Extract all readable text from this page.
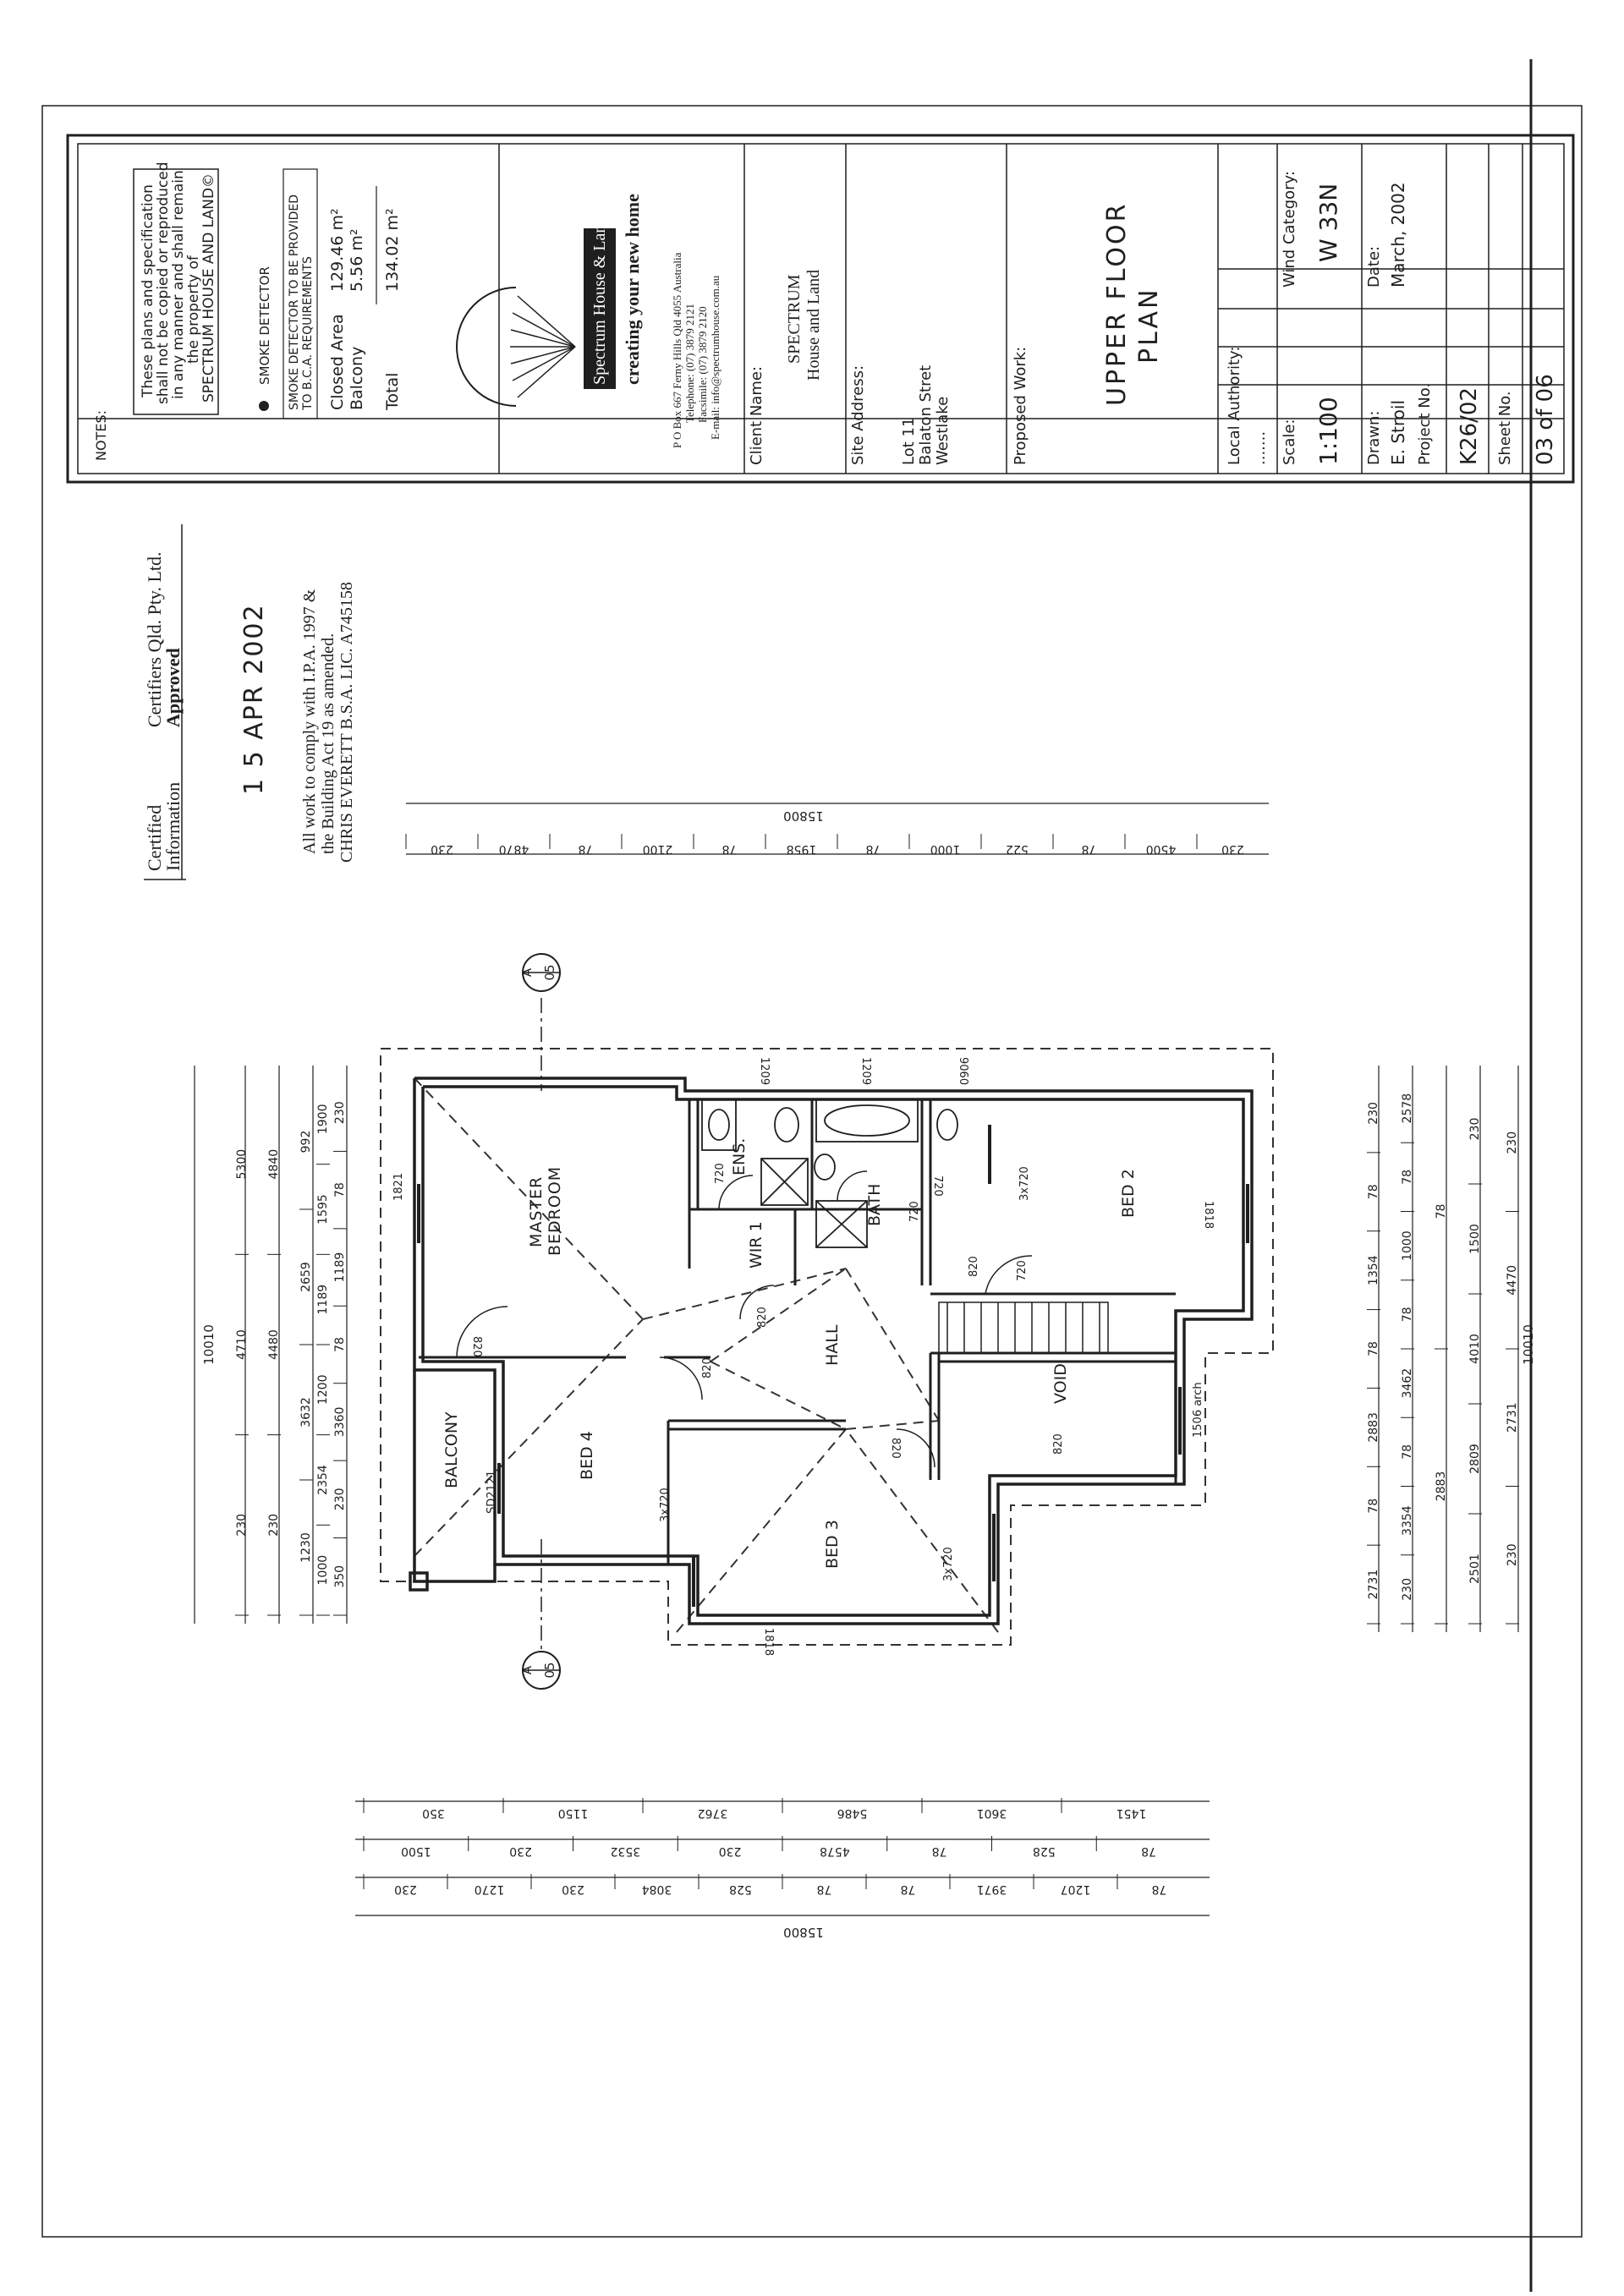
NOTES:
These plans and specification
shall not be copied or reproduced
in any manner and shall remain
the property of
SPECTRUM HOUSE AND LAND©	SMOKE DETECTOR SMOKE DETECTOR TO BE PROVIDED TO B.C.A. REQUIREMENTS Closed Area
129.46 m²
Balcony
5.56 m²
Total
134.02 m²	Spectrum House & Land creating your new home	P O Box 667 Ferny Hills Qld 4055 Australia Telephone: (07) 3879 2121 Facsimile: (07) 3879 2120 E-mail: info@spectrumhouse.com.au Client Name:
SPECTRUM House and Land
Site Address: Lot 11 Balaton Stret Westlake	Proposed Work:	UPPER FLOOR PLAN
Local Authority: ....... Scale: 1:100
Wind Category: W 33N
Drawn: E. Stroil
Date: March, 2002
Project No. K26/02 Sheet No. 03 of 06
Certified
Information
Certifiers Qld. Pty. Ltd.
Approved 1 5 APR 2002 All work to comply with I.P.A. 1997 & the Building Act 19 as amended. CHRIS EVERETT B.S.A. LIC. A745158
MASTER BEDROOM
ENS.
BATH
WIR 1
HALL
VOID
BED 2
BED 3
BED 4
BALCONY
1506 arch
820
820
820
820
820
820
720
720
720
720
3x720
3x720
3x720
1821
1818
1818
1209	1209	9060
SD2121
A 05
A 05
15800
230	4870	78	2100	78	1958	78	1000	522	78	4500	230
15800
350	1150	3762	5486	3601	1451
1500	230	3532	230	4578	78	528	78
230	1270	230	3084	528	78	78	3971	1207	78
10010
230
4710
5300
230
4480
4840
1230
3632
2659
992
1000
2354
1200
1189
1595
1900
350
230
3360
78
1189
78
230
10010
230
2731
4470
230
2501
2809
4010
1500
230
230
3354
78
3462
78
1000
78
2578
2731
78
2883
78
1354
78
230
2883
78
